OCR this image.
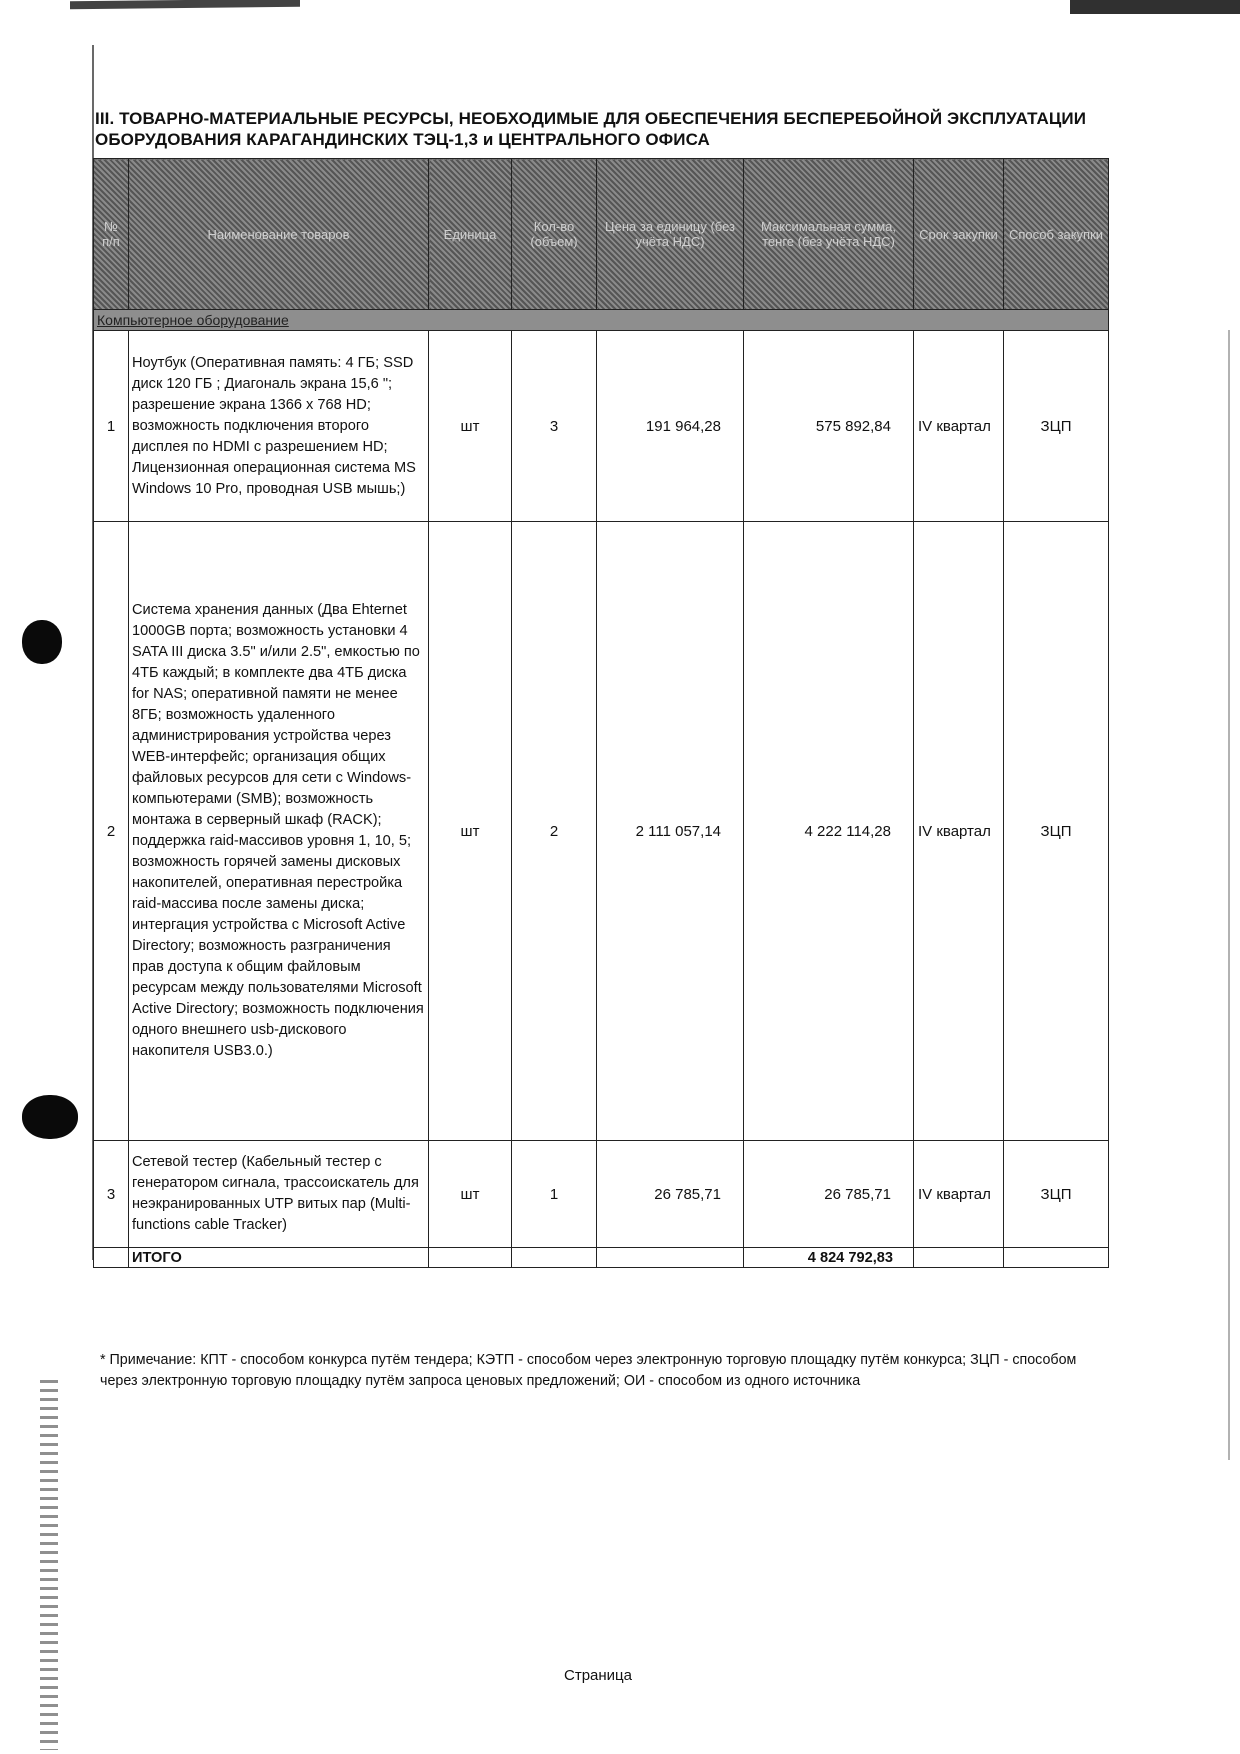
III. ТОВАРНО-МАТЕРИАЛЬНЫЕ РЕСУРСЫ, НЕОБХОДИМЫЕ ДЛЯ ОБЕСПЕЧЕНИЯ БЕСПЕРЕБОЙНОЙ ЭКСПЛУАТАЦИИ ОБОРУДОВАНИЯ КАРАГАНДИНСКИХ ТЭЦ-1,3 и ЦЕНТРАЛЬНОГО ОФИСА
№ п/п	Наименование товаров	Единица	Кол-во (объем)	Цена за единицу (без учёта НДС)	Максимальная сумма, тенге (без учёта НДС)	Срок закупки	Способ закупки
Компьютерное оборудование							
1	Ноутбук (Оперативная память: 4 ГБ; SSD диск 120 ГБ ; Диагональ экрана 15,6 "; разрешение экрана 1366 x 768 HD; возможность подключения второго дисплея по HDMI с разрешением HD; Лицензионная операционная система MS Windows 10 Pro, проводная USB мышь;)	шт	3	191 964,28	575 892,84	IV квартал	ЗЦП
2	Система хранения данных (Два Ehternet 1000GB порта; возможность установки 4 SATA III диска 3.5" и/или 2.5", емкостью по 4ТБ каждый; в комплекте два 4ТБ диска for NAS; оперативной памяти не менее 8ГБ; возможность удаленного администрирования устройства через WEB-интерфейс; организация общих файловых ресурсов для сети с Windows-компьютерами (SMB); возможность монтажа в серверный шкаф (RACK); поддержка raid-массивов уровня 1, 10, 5; возможность горячей замены дисковых накопителей, оперативная перестройка raid-массива после замены диска; интергация устройства с Microsoft Active Directory; возможность разграничения прав доступа к общим файловым ресурсам между пользователями Microsoft Active Directory; возможность подключения одного внешнего usb-дискового накопителя USB3.0.)	шт	2	2 111 057,14	4 222 114,28	IV квартал	ЗЦП
3	Сетевой тестер (Кабельный тестер с генератором сигнала, трассоискатель для неэкранированных UTP витых пар (Multi-functions cable Tracker)	шт	1	26 785,71	26 785,71	IV квартал	ЗЦП
	ИТОГО				4 824 792,83		
* Примечание: КПТ - способом конкурса путём тендера; КЭТП - способом через электронную торговую площадку путём конкурса; ЗЦП - способом через электронную торговую площадку путём запроса ценовых предложений; ОИ - способом из одного источника
Страница
